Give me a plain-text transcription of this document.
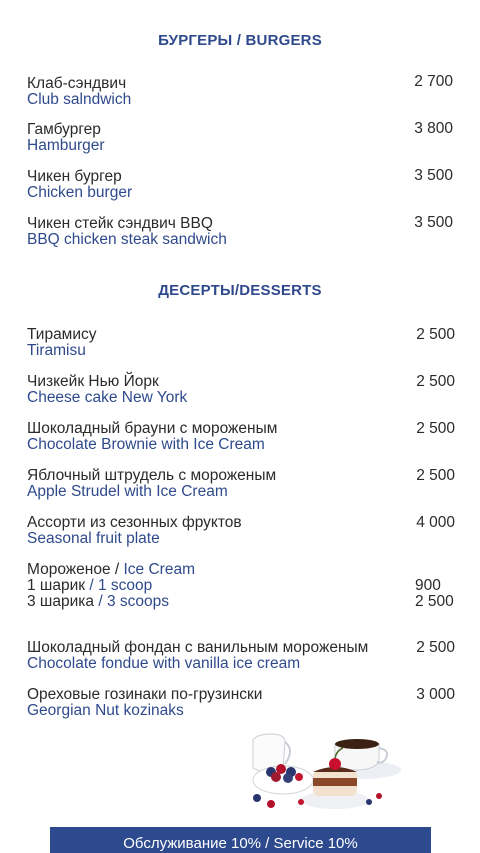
БУРГЕРЫ / BURGERS
Клаб-сэндвич
Club salndwich
2 700
Гамбургер
Hamburger
3 800
Чикен бургер
Chicken burger
3 500
Чикен стейк сэндвич BBQ
BBQ chicken steak sandwich
3 500
ДЕСЕРТЫ/DESSERTS
Тирамису
Tiramisu
2 500
Чизкейк Нью Йорк
Cheese cake New York
2 500
Шоколадный брауни с мороженым
Chocolate Brownie with Ice Cream
2 500
Яблочный штрудель с мороженым
Apple Strudel with Ice Cream
2 500
Ассорти из сезонных фруктов
Seasonal fruit plate
4 000
Мороженое / Ice Cream
1 шарик / 1 scoop	900
3 шарика / 3 scoops	2 500
Шоколадный фондан с ванильным мороженым
Chocolate fondue with vanilla ice cream
2 500
Ореховые гозинаки по-грузински
Georgian Nut kozinaks
3 000
Обслуживание 10% / Service 10%
